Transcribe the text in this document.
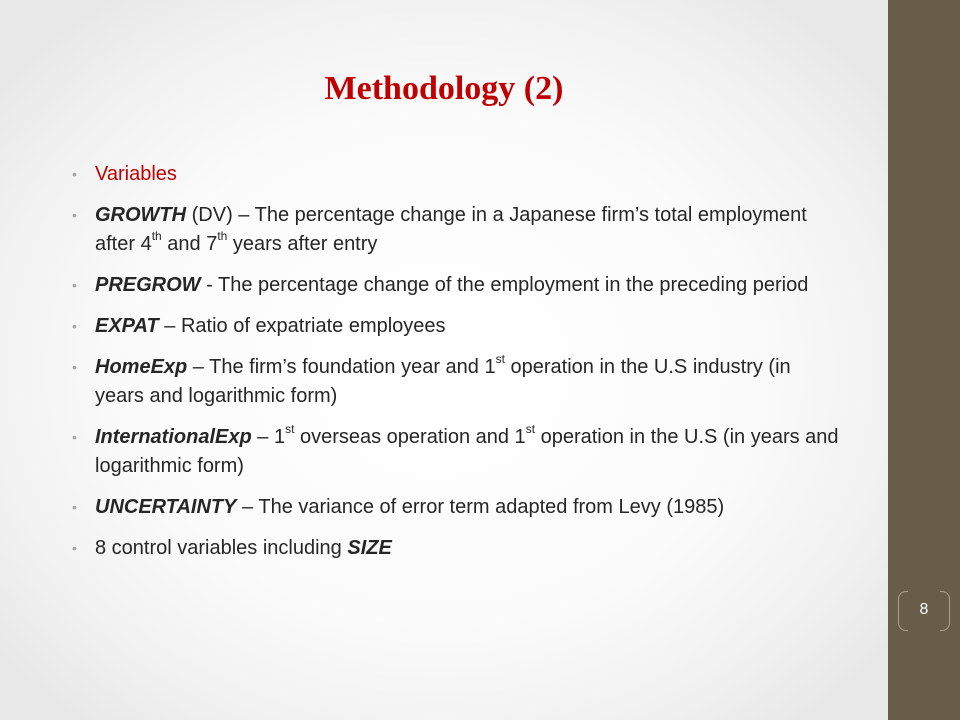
Methodology (2)
• Variables
• GROWTH (DV) – The percentage change in a Japanese firm’s total employment after 4th and 7th years after entry
• PREGROW - The percentage change of the employment in the preceding period
• EXPAT – Ratio of expatriate employees
• HomeExp – The firm’s foundation year and 1st operation in the U.S industry (in years and logarithmic form)
• InternationalExp – 1st overseas operation and 1st operation in the U.S (in years and logarithmic form)
• UNCERTAINTY – The variance of error term adapted from Levy (1985)
• 8 control variables including SIZE
8
